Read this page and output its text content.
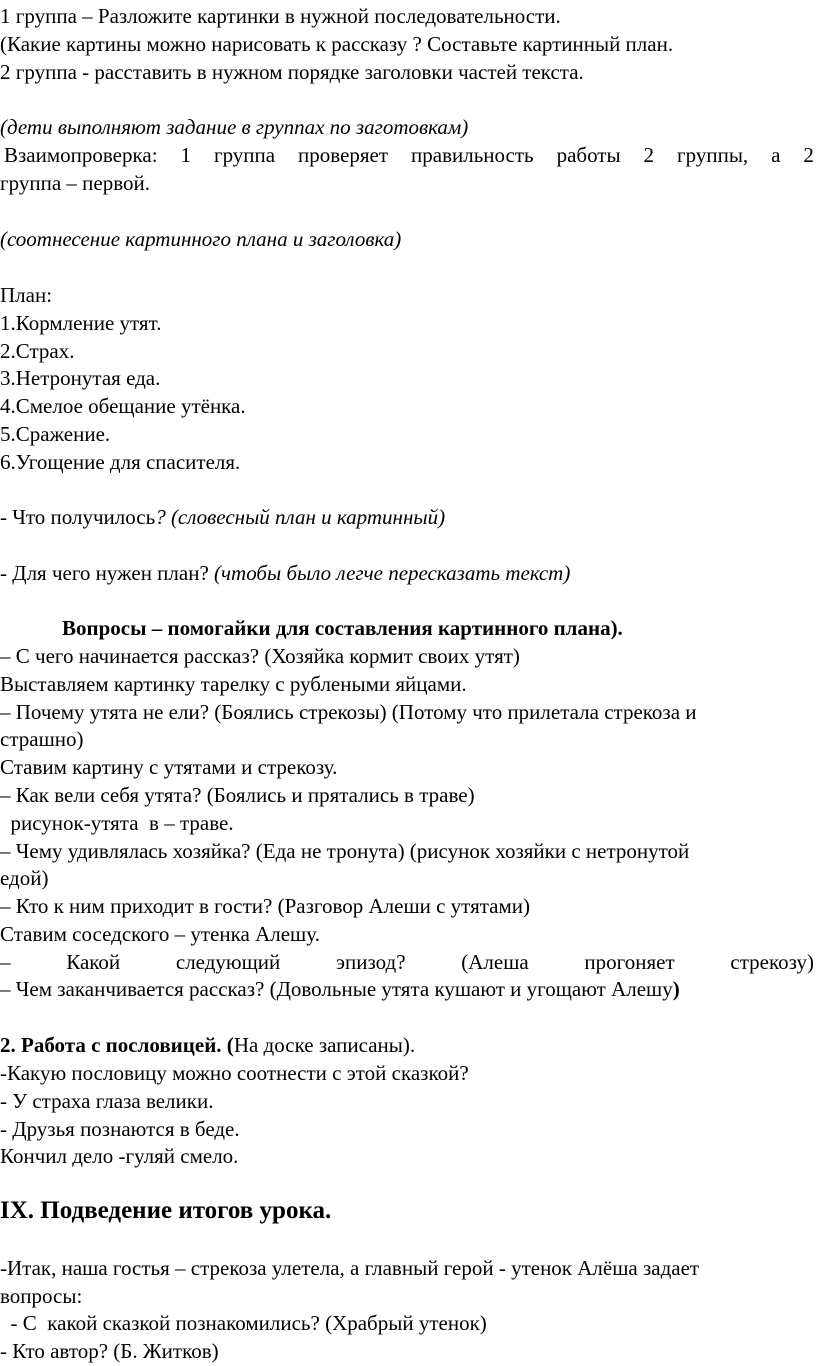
1 группа – Разложите картинки в нужной последовательности.
(Какие картины можно нарисовать к рассказу ? Составьте картинный план.
2 группа - расставить в нужном порядке заголовки частей текста.
(дети выполняют задание в группах по заготовкам)
Взаимопроверка: 1 группа проверяет правильность работы 2 группы, а 2
группа – первой.
(соотнесение картинного плана и заголовка)
План:
1.Кормление утят.
2.Страх.
3.Нетронутая еда.
4.Смелое обещание утёнка.
5.Сражение.
6.Угощение для спасителя.
- Что получилось? (словесный план и картинный)
- Для чего нужен план? (чтобы было легче пересказать текст)
Вопросы – помогайки для составления картинного плана).
– С чего начинается рассказ? (Хозяйка кормит своих утят)
Выставляем картинку тарелку с рублеными яйцами.
– Почему утята не ели? (Боялись стрекозы) (Потому что прилетала стрекоза и
страшно)
Ставим картину с утятами и стрекозу.
– Как вели себя утята? (Боялись и прятались в траве)
рисунок-утята  в – траве.
– Чему удивлялась хозяйка? (Еда не тронута) (рисунок хозяйки с нетронутой
едой)
– Кто к ним приходит в гости? (Разговор Алеши с утятами)
Ставим соседского – утенка Алешу.
–	Какой	следующий	эпизод?	(Алеша	прогоняет	стрекозу)
– Чем заканчивается рассказ? (Довольные утята кушают и угощают Алешу)
2. Работа с пословицей. (На доске записаны).
-Какую пословицу можно соотнести с этой сказкой?
- У страха глаза велики.
- Друзья познаются в беде.
Кончил дело -гуляй смело.
IX. Подведение итогов урока.
-Итак, наша гостья – стрекоза улетела, а главный герой - утенок Алёша задает
вопросы:
- С  какой сказкой познакомились? (Храбрый утенок)
- Кто автор? (Б. Житков)
